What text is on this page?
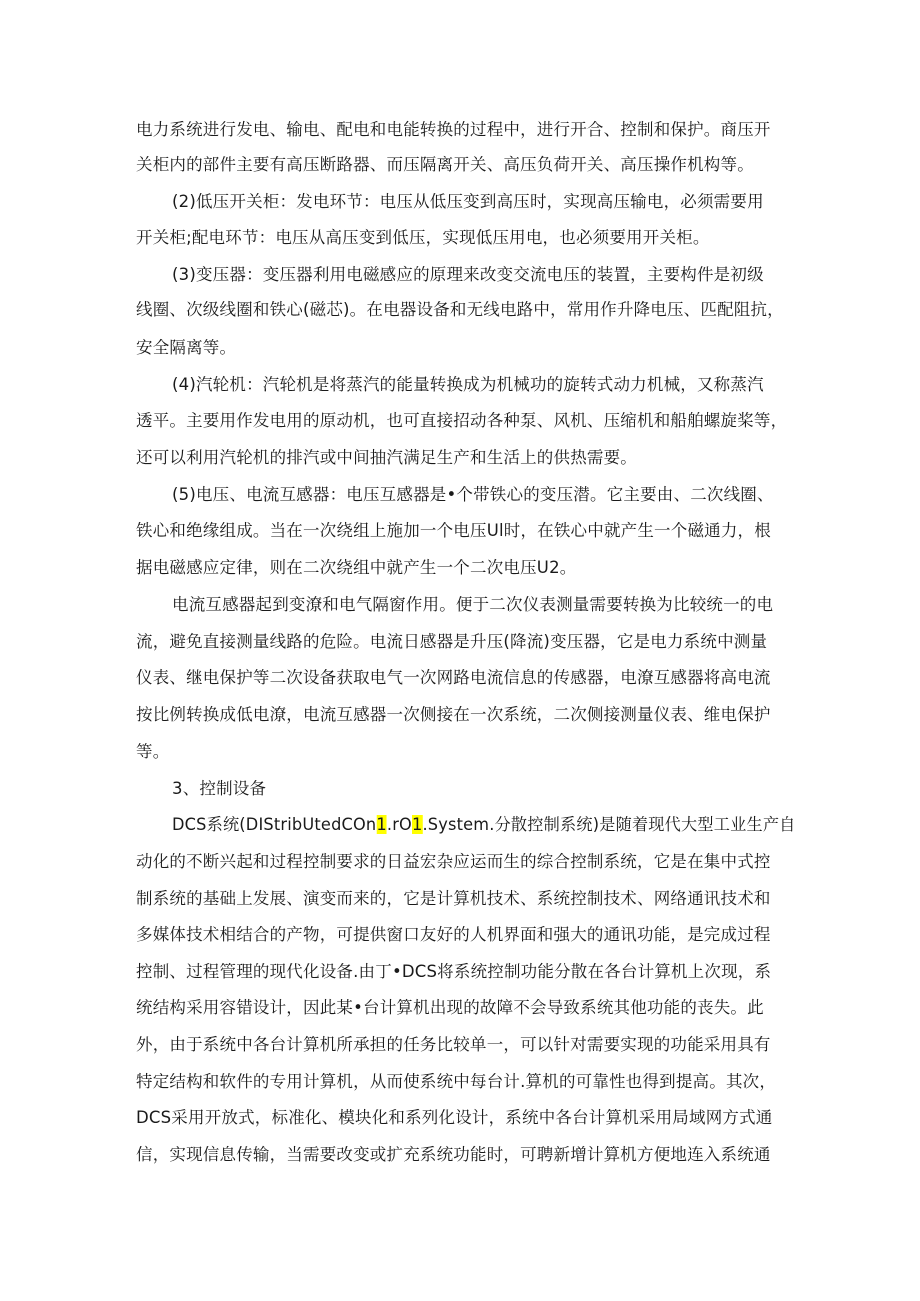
电力系统进行发电、输电、配电和电能转换的过程中，进行开合、控制和保护。商压开
关柜内的部件主要有高压断路器、而压隔离开关、高压负荷开关、高压操作机构等。
(2)低压开关柜：发电环节：电压从低压变到高压时，实现高压输电，必须需要用
开关柜;配电环节：电压从高压变到低压，实现低压用电，也必须要用开关柜。
(3)变压器：变压器利用电磁感应的原理来改变交流电压的装置，主要构件是初级
线圈、次级线圈和铁心(磁芯)。在电器设备和无线电路中，常用作升降电压、匹配阻抗，
安全隔离等。
(4)汽轮机：汽轮机是将蒸汽的能量转换成为机械功的旋转式动力机械，又称蒸汽
透平。主要用作发电用的原动机，也可直接招动各种泵、风机、压缩机和船舶螺旋桨等，
还可以利用汽轮机的排汽或中间抽汽满足生产和生活上的供热需要。
(5)电压、电流互感器：电压互感器是•个带铁心的变压潜。它主要由、二次线圈、
铁心和绝缘组成。当在一次绕组上施加一个电压Ul时，在铁心中就产生一个磁通力，根
据电磁感应定律，则在二次绕组中就产生一个二次电压U2。
电流互感器起到变潦和电气隔窗作用。便于二次仪表测量需要转换为比较统一的电
流，避免直接测量线路的危险。电流日感器是升压(降流)变压器，它是电力系统中测量
仪表、继电保护等二次设备获取电气一次网路电流信息的传感器，电潦互感器将高电流
按比例转换成低电潦，电流互感器一次侧接在一次系统，二次侧接测量仪表、维电保护
等。
3、控制设备
DCS系统(DIStribUtedCOn1.rO1.System.分散控制系统)是随着现代大型工业生产自
动化的不断兴起和过程控制要求的日益宏杂应运而生的综合控制系统，它是在集中式控
制系统的基础上发展、演变而来的，它是计算机技术、系统控制技术、网络通讯技术和
多媒体技术相结合的产物，可提供窗口友好的人机界面和强大的通讯功能，是完成过程
控制、过程管理的现代化设备.由丁•DCS将系统控制功能分散在各台计算机上次现，系
统结构采用容错设计，因此某•台计算机出现的故障不会导致系统其他功能的丧失。此
外，由于系统中各台计算机所承担的任务比较单一，可以针对需要实现的功能采用具有
特定结构和软件的专用计算机，从而使系统中每台计.算机的可靠性也得到提高。其次，
DCS采用开放式，标准化、模块化和系列化设计，系统中各台计算机采用局域网方式通
信，实现信息传输，当需要改变或扩充系统功能时，可聘新增计算机方便地连入系统通
